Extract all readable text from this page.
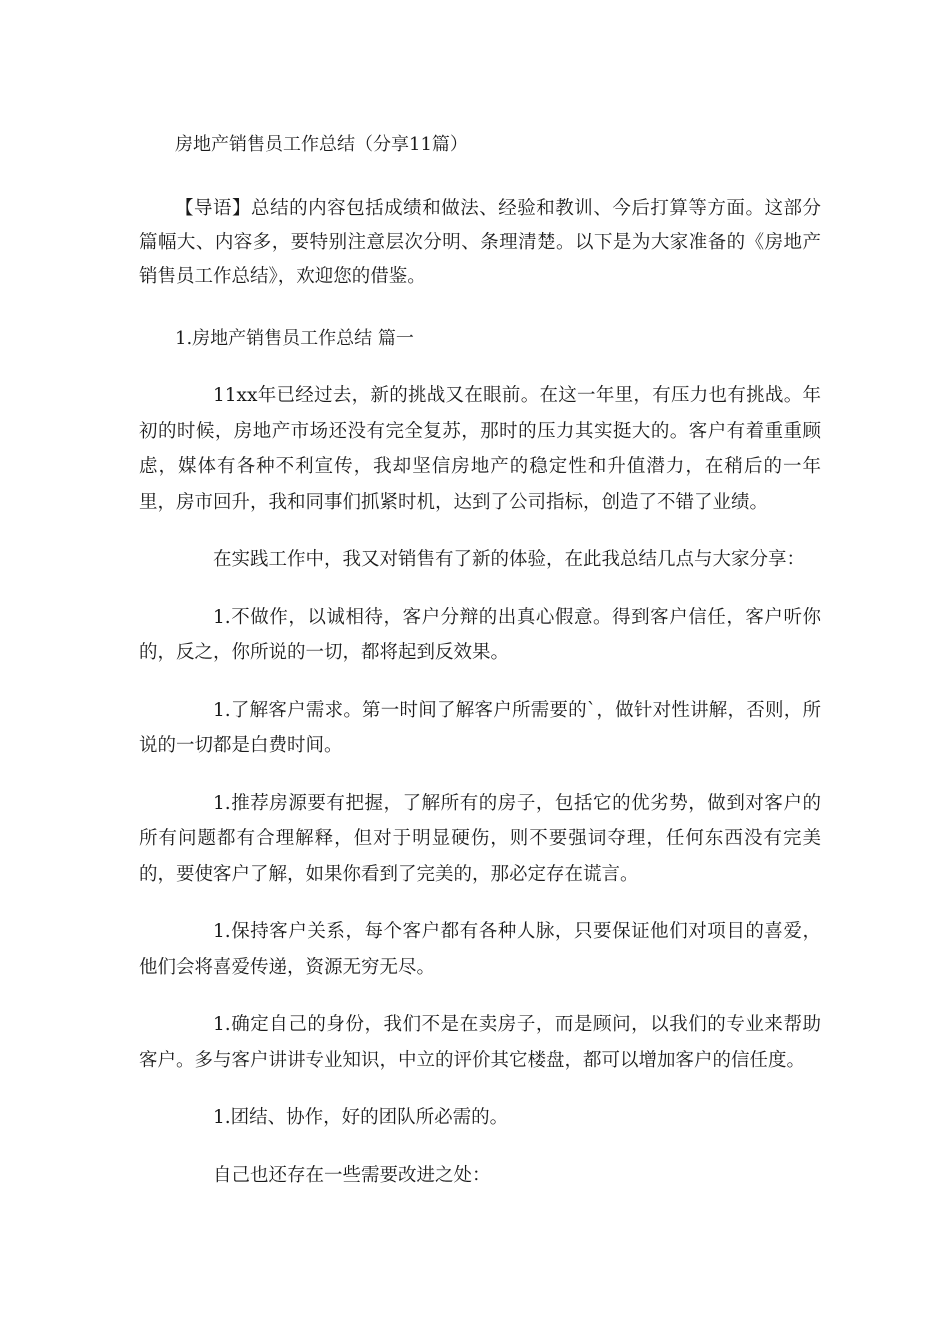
房地产销售员工作总结（分享11篇）

【导语】总结的内容包括成绩和做法、经验和教训、今后打算等方面。这部分篇幅大、内容多，要特别注意层次分明、条理清楚。以下是为大家准备的《房地产销售员工作总结》，欢迎您的借鉴。

1.房地产销售员工作总结 篇一

11xx年已经过去，新的挑战又在眼前。在这一年里，有压力也有挑战。年初的时候，房地产市场还没有完全复苏，那时的压力其实挺大的。客户有着重重顾虑，媒体有各种不利宣传，我却坚信房地产的稳定性和升值潜力，在稍后的一年里，房市回升，我和同事们抓紧时机，达到了公司指标，创造了不错了业绩。

在实践工作中，我又对销售有了新的体验，在此我总结几点与大家分享：

1.不做作，以诚相待，客户分辩的出真心假意。得到客户信任，客户听你的，反之，你所说的一切，都将起到反效果。

1.了解客户需求。第一时间了解客户所需要的`，做针对性讲解，否则，所说的一切都是白费时间。

1.推荐房源要有把握，了解所有的房子，包括它的优劣势，做到对客户的所有问题都有合理解释，但对于明显硬伤，则不要强词夺理，任何东西没有完美的，要使客户了解，如果你看到了完美的，那必定存在谎言。

1.保持客户关系，每个客户都有各种人脉，只要保证他们对项目的喜爱，他们会将喜爱传递，资源无穷无尽。

1.确定自己的身份，我们不是在卖房子，而是顾问，以我们的专业来帮助客户。多与客户讲讲专业知识，中立的评价其它楼盘，都可以增加客户的信任度。

1.团结、协作，好的团队所必需的。

自己也还存在一些需要改进之处：
